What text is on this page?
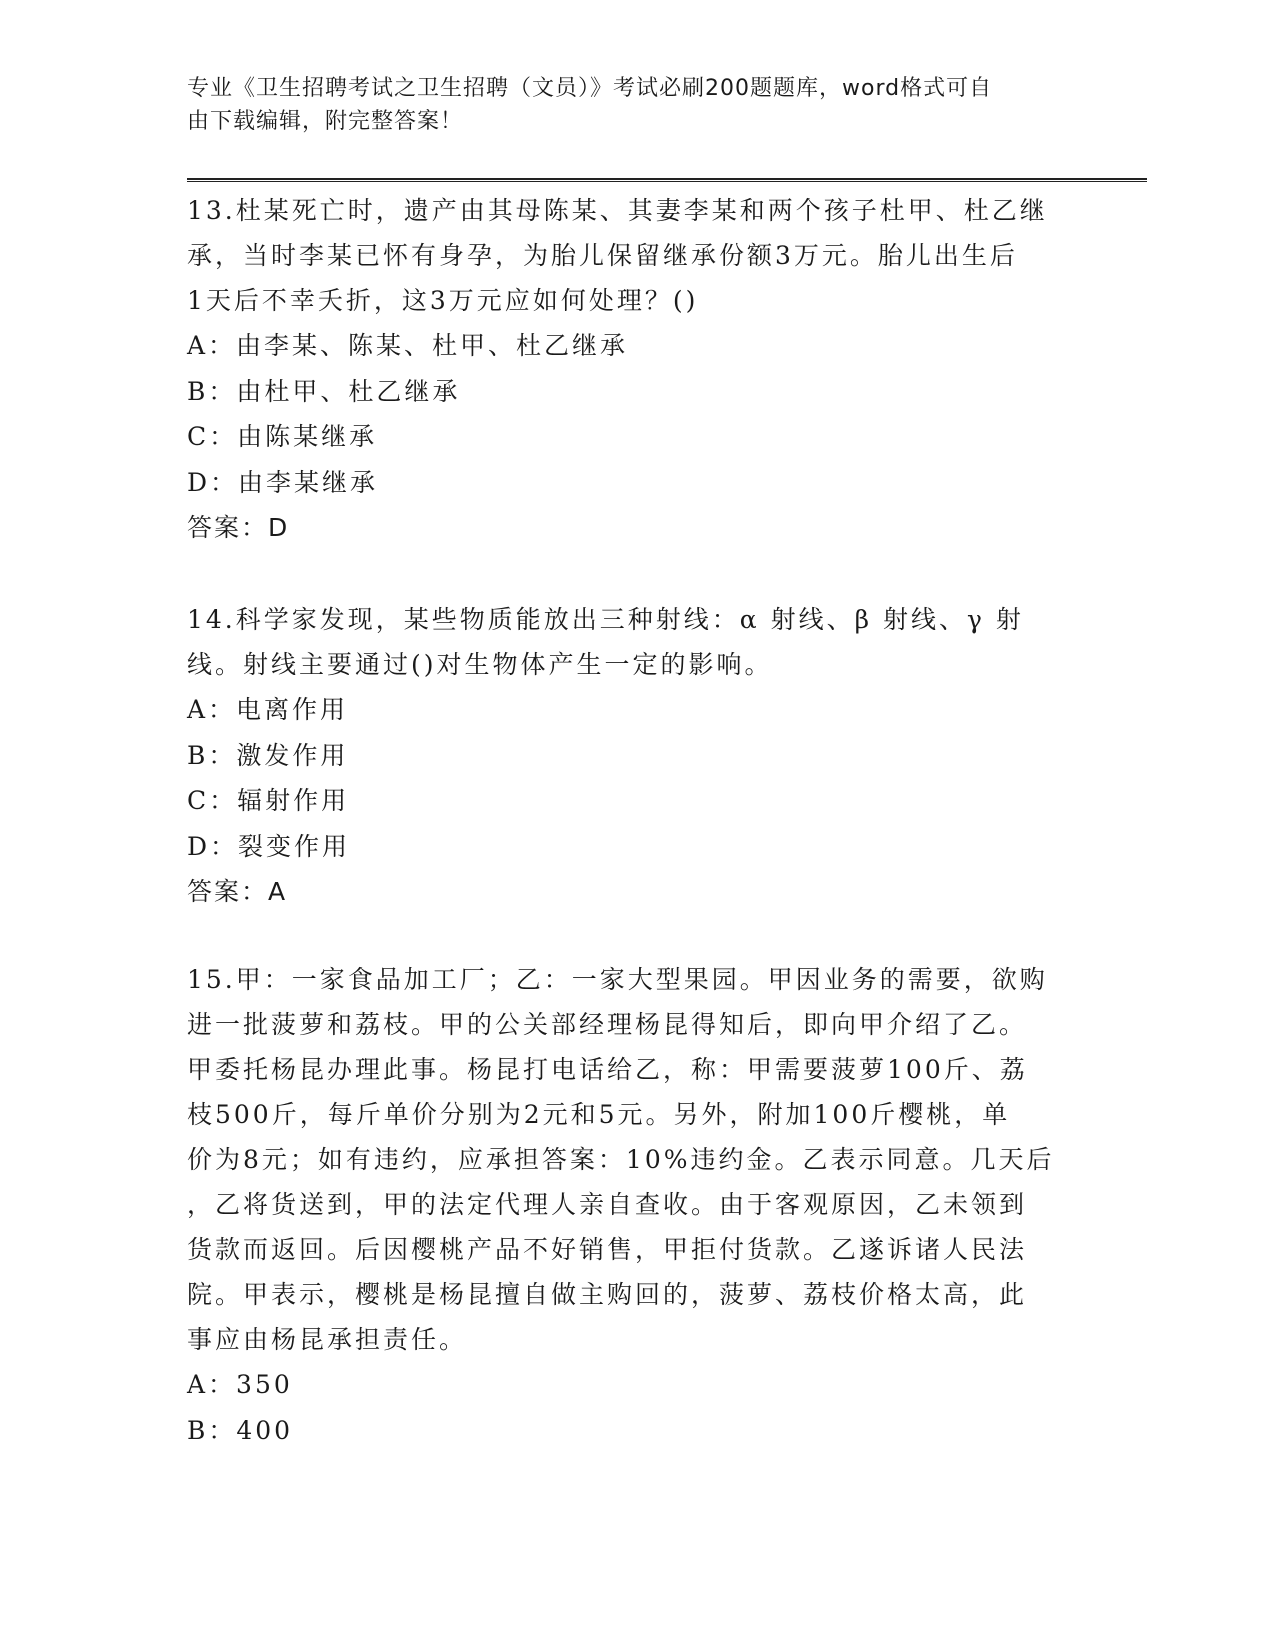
专业《卫生招聘考试之卫生招聘（文员）》考试必刷200题题库，word格式可自
由下载编辑，附完整答案！

13.杜某死亡时，遗产由其母陈某、其妻李某和两个孩子杜甲、杜乙继

承，当时李某已怀有身孕，为胎儿保留继承份额3万元。胎儿出生后

1天后不幸夭折，这3万元应如何处理？()

A：由李某、陈某、杜甲、杜乙继承

B：由杜甲、杜乙继承

C：由陈某继承

D：由李某继承

答案：D

14.科学家发现，某些物质能放出三种射线：α 射线、β 射线、γ 射

线。射线主要通过()对生物体产生一定的影响。

A：电离作用

B：激发作用

C：辐射作用

D：裂变作用

答案：A

15.甲：一家食品加工厂；乙：一家大型果园。甲因业务的需要，欲购

进一批菠萝和荔枝。甲的公关部经理杨昆得知后，即向甲介绍了乙。

甲委托杨昆办理此事。杨昆打电话给乙，称：甲需要菠萝100斤、荔

枝500斤，每斤单价分别为2元和5元。另外，附加100斤樱桃，单

价为8元；如有违约，应承担答案：10%违约金。乙表示同意。几天后

，乙将货送到，甲的法定代理人亲自查收。由于客观原因，乙未领到

货款而返回。后因樱桃产品不好销售，甲拒付货款。乙遂诉诸人民法

院。甲表示，樱桃是杨昆擅自做主购回的，菠萝、荔枝价格太高，此

事应由杨昆承担责任。

A：350

B：400
